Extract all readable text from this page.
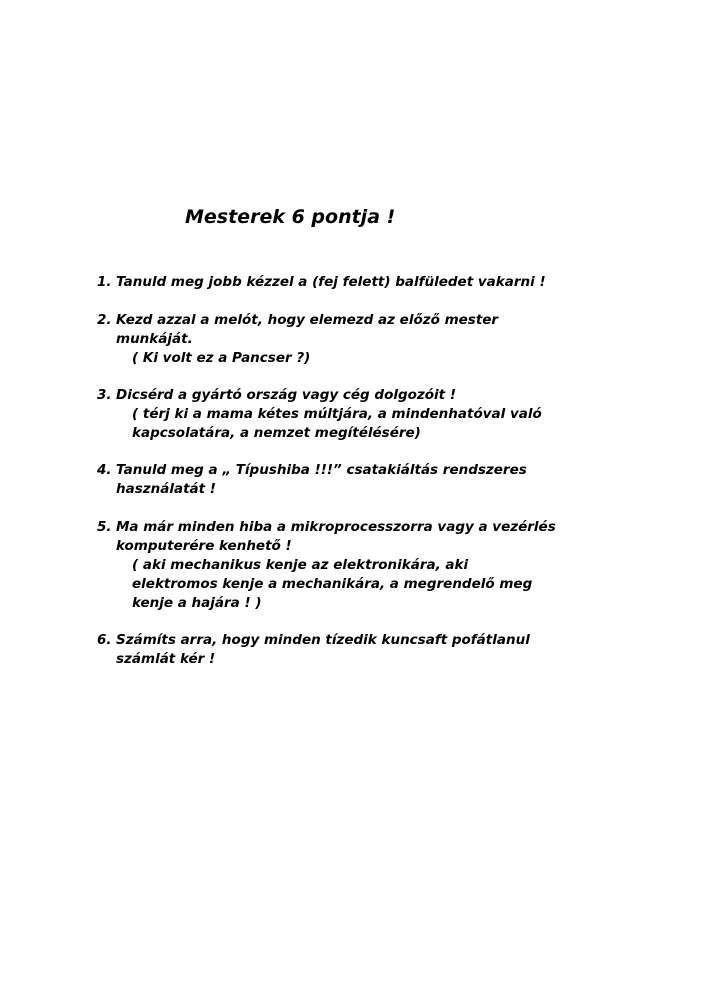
Mesterek 6 pontja !
1. Tanuld meg jobb kézzel a (fej felett) balfüledet vakarni !
2. Kezd azzal a melót, hogy elemezd az előző mester
munkáját.
( Ki volt ez a Pancser ?)
3. Dicsérd a gyártó ország vagy cég dolgozóit !
( térj ki a mama kétes múltjára, a mindenhatóval való
kapcsolatára, a nemzet megítélésére)
4. Tanuld meg a „ Típushiba !!!” csatakiáltás rendszeres
használatát !
5. Ma már minden hiba a mikroprocesszorra vagy a vezérlés
komputerére kenhető !
( aki mechanikus kenje az elektronikára, aki
elektromos kenje a mechanikára, a megrendelő meg
kenje a hajára ! )
6. Számíts arra, hogy minden tízedik kuncsaft pofátlanul
számlát kér !
